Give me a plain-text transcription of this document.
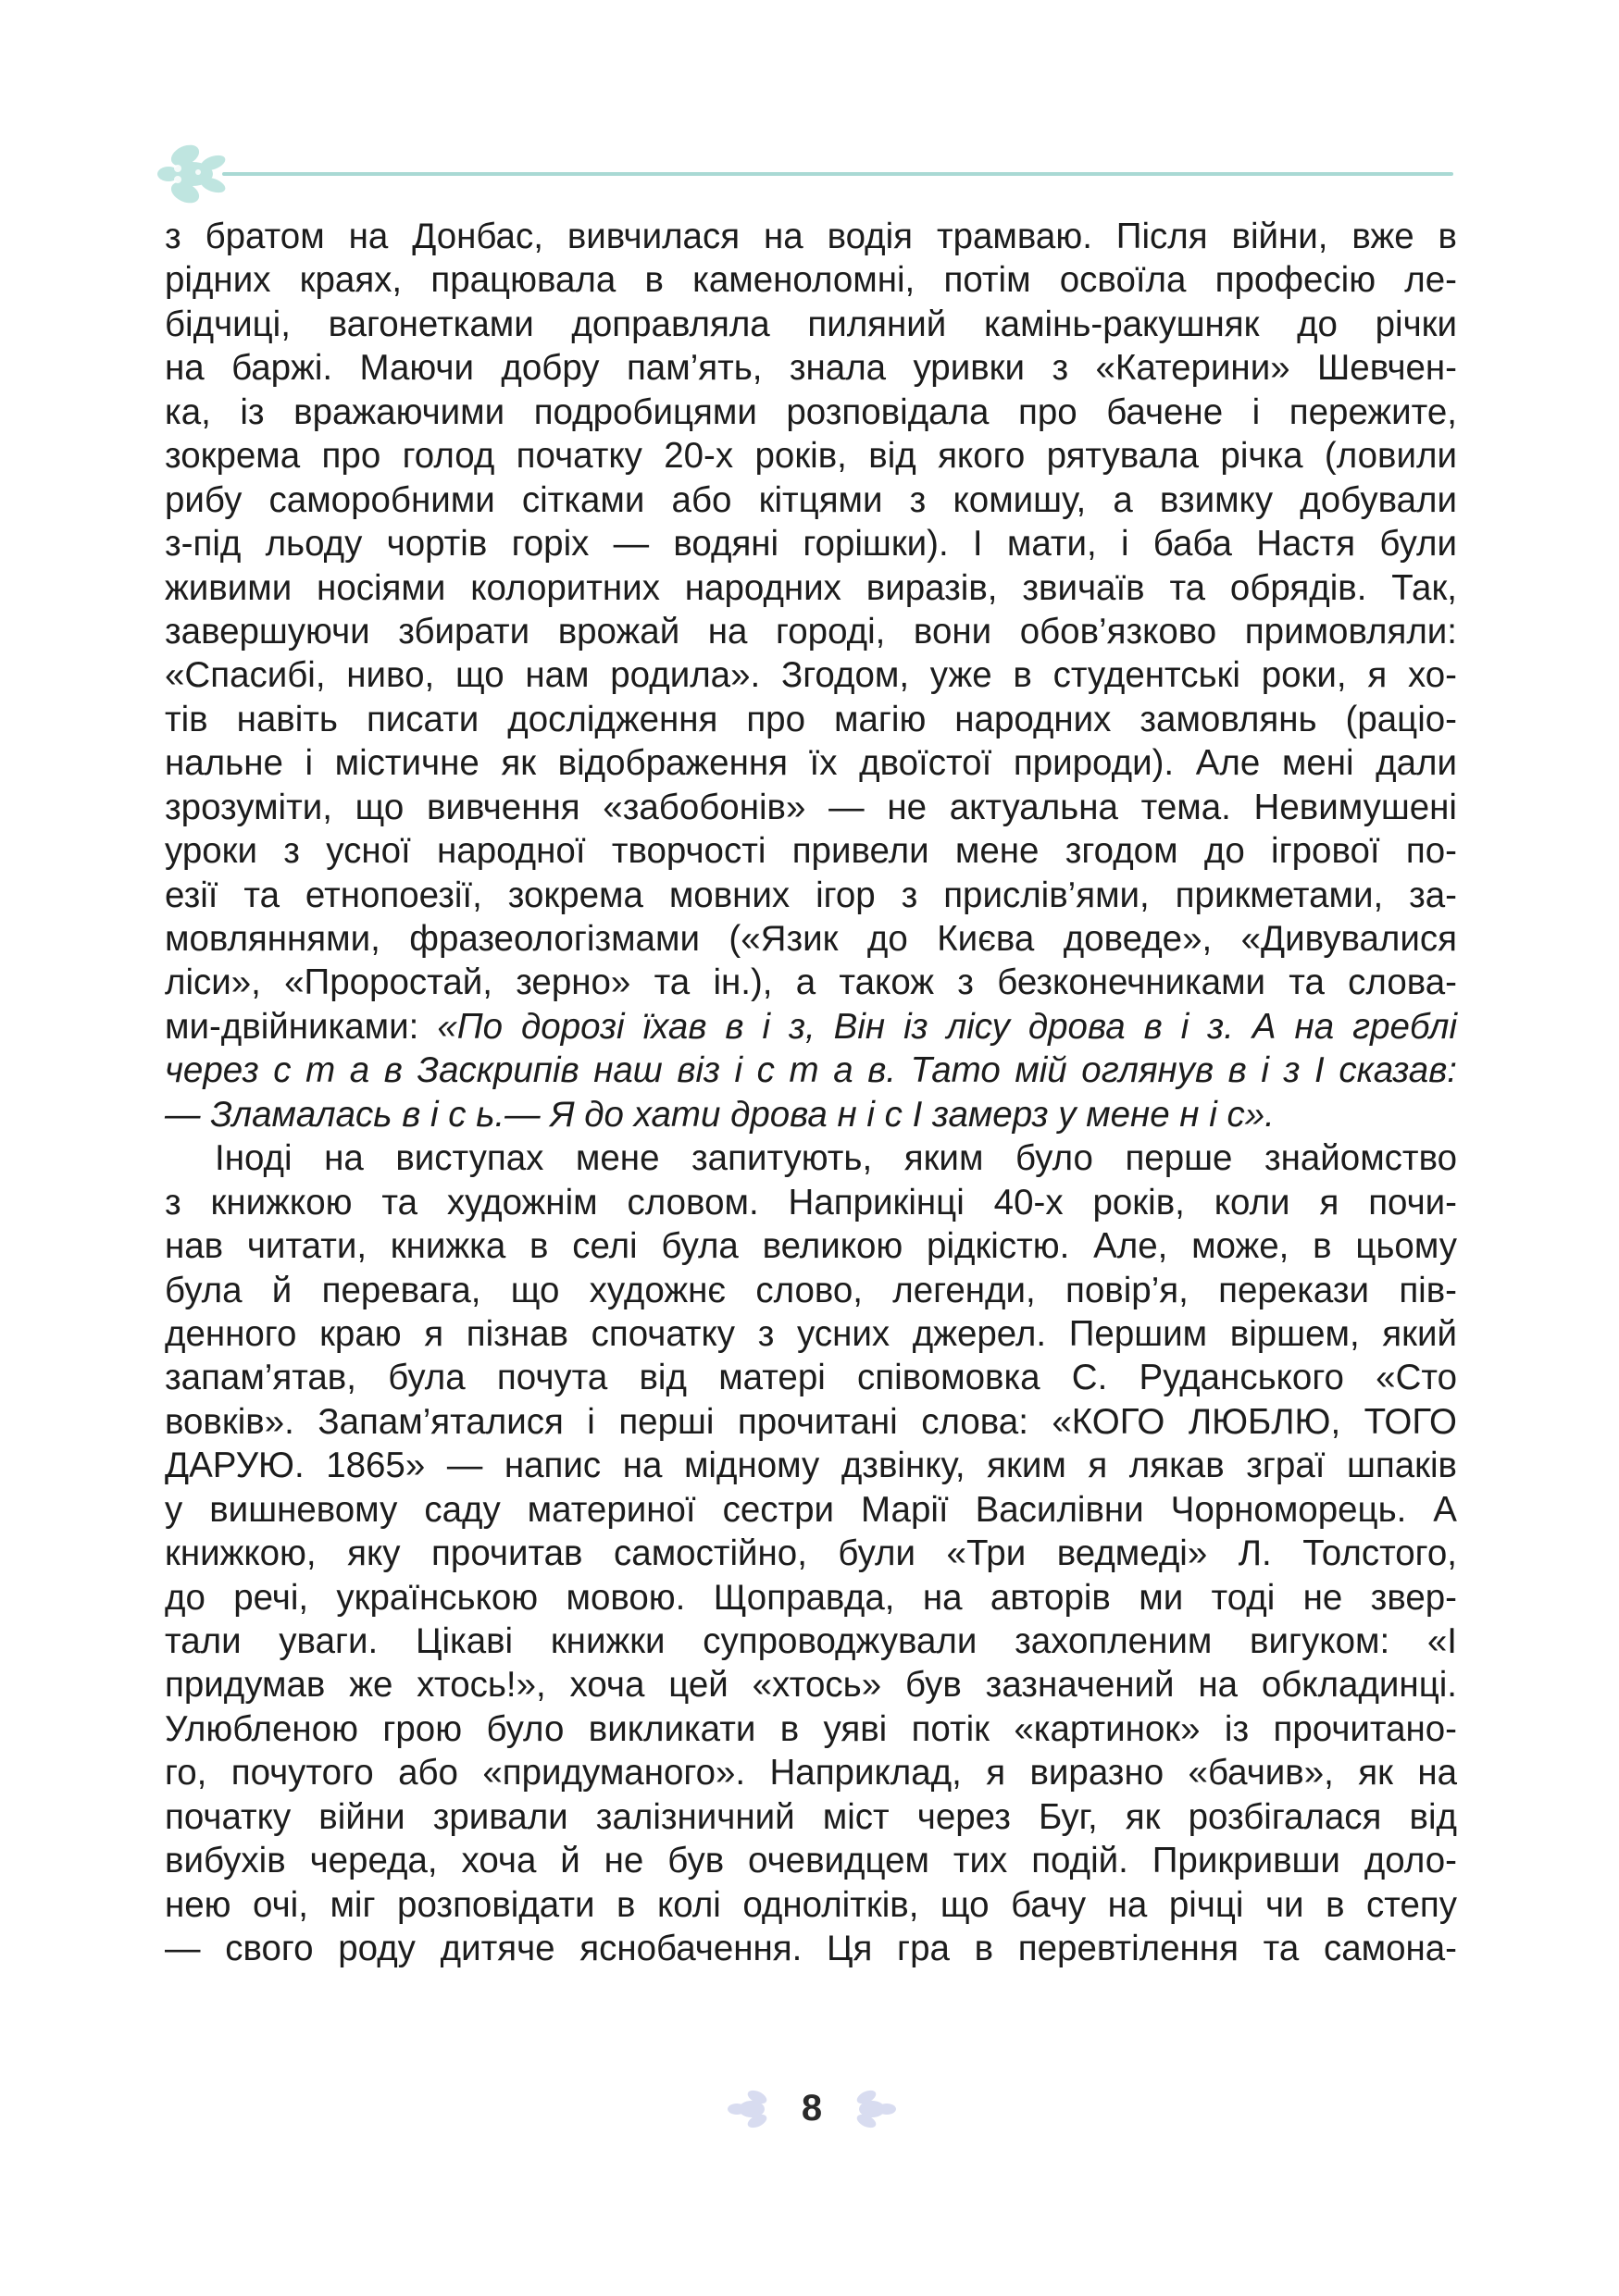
з братом на Донбас, вивчилася на водія трамваю. Після війни, вже в
рідних краях, працювала в каменоломні, потім освоїла професію ле-
бідчиці, вагонетками доправляла пиляний камінь-ракушняк до річки
на баржі. Маючи добру пам’ять, знала уривки з «Катерини» Шевчен-
ка, із вражаючими подробицями розповідала про бачене і пережите,
зокрема про голод початку 20-х років, від якого рятувала річка (ловили
рибу саморобними сітками або кітцями з комишу, а взимку добували
з-під льоду чортів горіх — водяні горішки). І мати, і баба Настя були
живими носіями колоритних народних виразів, звичаїв та обрядів. Так,
завершуючи збирати врожай на городі, вони обов’язково примовляли:
«Спасибі, ниво, що нам родила». Згодом, уже в студентські роки, я хо-
тів навіть писати дослідження про магію народних замовлянь (раціо-
нальне і містичне як відображення їх двоїстої природи). Але мені дали
зрозуміти, що вивчення «забобонів» — не актуальна тема. Невимушені
уроки з усної народної творчості привели мене згодом до ігрової по-
езії та етнопоезії, зокрема мовних ігор з прислів’ями, прикметами, за-
мовляннями, фразеологізмами («Язик до Києва доведе», «Дивувалися
ліси», «Проростай, зерно» та ін.), а також з безконечниками та слова-
ми-двійниками: «По дорозі їхав в і з, Він із лісу дрова в і з. А на греблі
через с т а в Заскрипів наш віз і с т а в. Тато мій оглянув в і з І сказав:
— Зламалась в і с ь.— Я до хати дрова н і с І замерз у мене н і с».
Іноді на виступах мене запитують, яким було перше знайомство
з книжкою та художнім словом. Наприкінці 40-х років, коли я почи-
нав читати, книжка в селі була великою рідкістю. Але, може, в цьому
була й перевага, що художнє слово, легенди, повір’я, перекази пів-
денного краю я пізнав спочатку з усних джерел. Першим віршем, який
запам’ятав, була почута від матері співомовка С. Руданського «Сто
вовків». Запам’яталися і перші прочитані слова: «КОГО ЛЮБЛЮ, ТОГО
ДАРУЮ. 1865» — напис на мідному дзвінку, яким я лякав зграї шпаків
у вишневому саду материної сестри Марії Василівни Чорноморець. А
книжкою, яку прочитав самостійно, були «Три ведмеді» Л. Толстого,
до речі, українською мовою. Щоправда, на авторів ми тоді не звер-
тали уваги. Цікаві книжки супроводжували захопленим вигуком: «І
придумав же хтось!», хоча цей «хтось» був зазначений на обкладинці.
Улюбленою грою було викликати в уяві потік «картинок» із прочитано-
го, почутого або «придуманого». Наприклад, я виразно «бачив», як на
початку війни зривали залізничний міст через Буг, як розбігалася від
вибухів череда, хоча й не був очевидцем тих подій. Прикривши доло-
нею очі, міг розповідати в колі однолітків, що бачу на річці чи в степу
— свого роду дитяче яснобачення. Ця гра в перевтілення та самона-
8
